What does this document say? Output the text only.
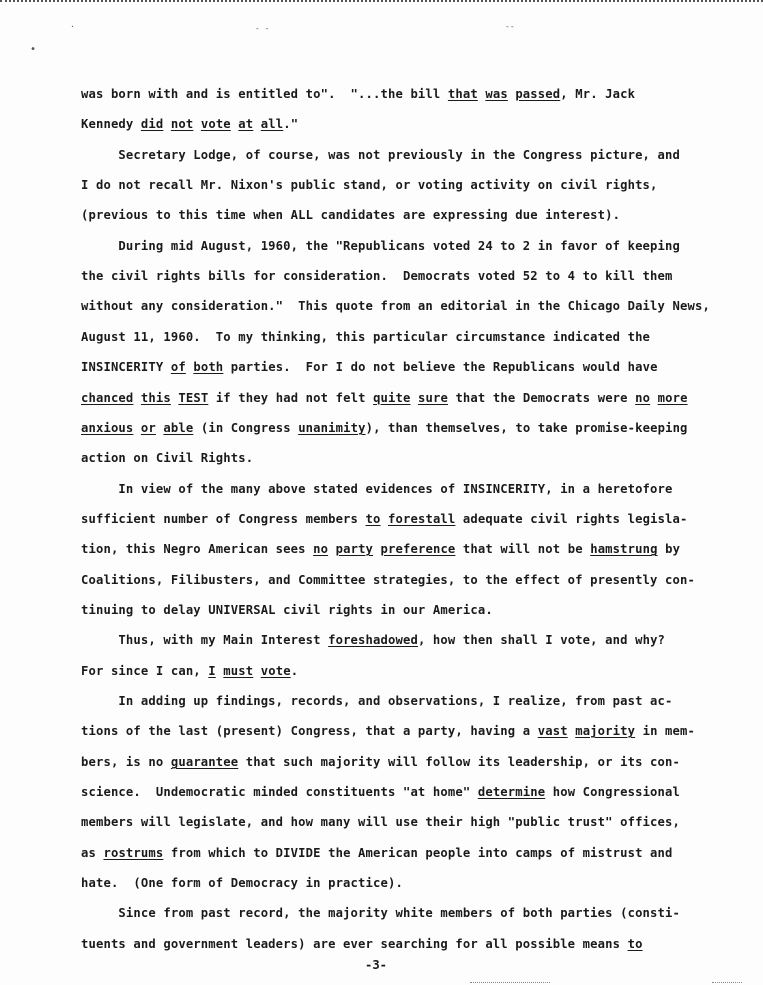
·	- -	--
•
was born with and is entitled to".  "...the bill that was passed, Mr. Jack
Kennedy did not vote at all."
Secretary Lodge, of course, was not previously in the Congress picture, and
I do not recall Mr. Nixon's public stand, or voting activity on civil rights,
(previous to this time when ALL candidates are expressing due interest).
During mid August, 1960, the "Republicans voted 24 to 2 in favor of keeping
the civil rights bills for consideration.  Democrats voted 52 to 4 to kill them
without any consideration."  This quote from an editorial in the Chicago Daily News,
August 11, 1960.  To my thinking, this particular circumstance indicated the
INSINCERITY of both parties.  For I do not believe the Republicans would have
chanced this TEST if they had not felt quite sure that the Democrats were no more
anxious or able (in Congress unanimity), than themselves, to take promise-keeping
action on Civil Rights.
In view of the many above stated evidences of INSINCERITY, in a heretofore
sufficient number of Congress members to forestall adequate civil rights legisla-
tion, this Negro American sees no party preference that will not be hamstrung by
Coalitions, Filibusters, and Committee strategies, to the effect of presently con-
tinuing to delay UNIVERSAL civil rights in our America.
Thus, with my Main Interest foreshadowed, how then shall I vote, and why?
For since I can, I must vote.
In adding up findings, records, and observations, I realize, from past ac-
tions of the last (present) Congress, that a party, having a vast majority in mem-
bers, is no guarantee that such majority will follow its leadership, or its con-
science.  Undemocratic minded constituents "at home" determine how Congressional
members will legislate, and how many will use their high "public trust" offices,
as rostrums from which to DIVIDE the American people into camps of mistrust and
hate.  (One form of Democracy in practice).
Since from past record, the majority white members of both parties (consti-
tuents and government leaders) are ever searching for all possible means to
-3-
